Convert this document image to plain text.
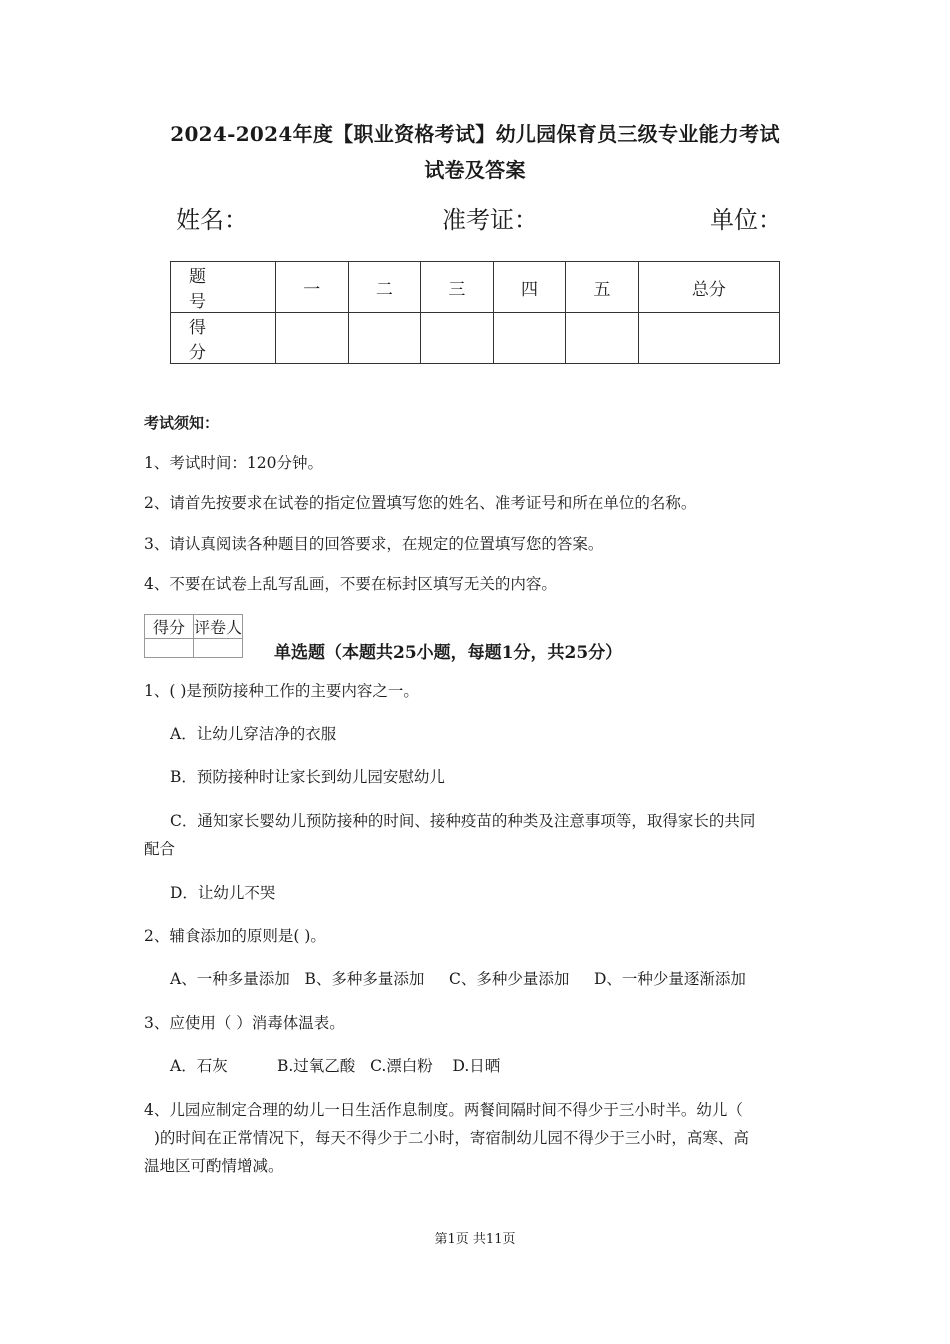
2024-2024年度【职业资格考试】幼儿园保育员三级专业能力考试
试卷及答案
姓名：	准考证：	单位：
题 号	一	二	三	四	五	总分
得 分						
考试须知：
1、考试时间：120分钟。
2、请首先按要求在试卷的指定位置填写您的姓名、准考证号和所在单位的名称。
3、请认真阅读各种题目的回答要求，在规定的位置填写您的答案。
4、不要在试卷上乱写乱画，不要在标封区填写无关的内容。
得分	评卷人

单选题（本题共25小题，每题1分，共25分）
1、( )是预防接种工作的主要内容之一。
A．让幼儿穿洁净的衣服
B．预防接种时让家长到幼儿园安慰幼儿
C．通知家长婴幼儿预防接种的时间、接种疫苗的种类及注意事项等，取得家长的共同
配合
D．让幼儿不哭
2、辅食添加的原则是( )。
A、一种多量添加   B、多种多量添加     C、多种少量添加     D、一种少量逐渐添加
3、应使用（ ）消毒体温表。
A．石灰          B.过氧乙酸   C.漂白粉    D.日晒
4、儿园应制定合理的幼儿一日生活作息制度。两餐间隔时间不得少于三小时半。幼儿（
)的时间在正常情况下，每天不得少于二小时，寄宿制幼儿园不得少于三小时，高寒、高
温地区可酌情增减。
第1页 共11页
